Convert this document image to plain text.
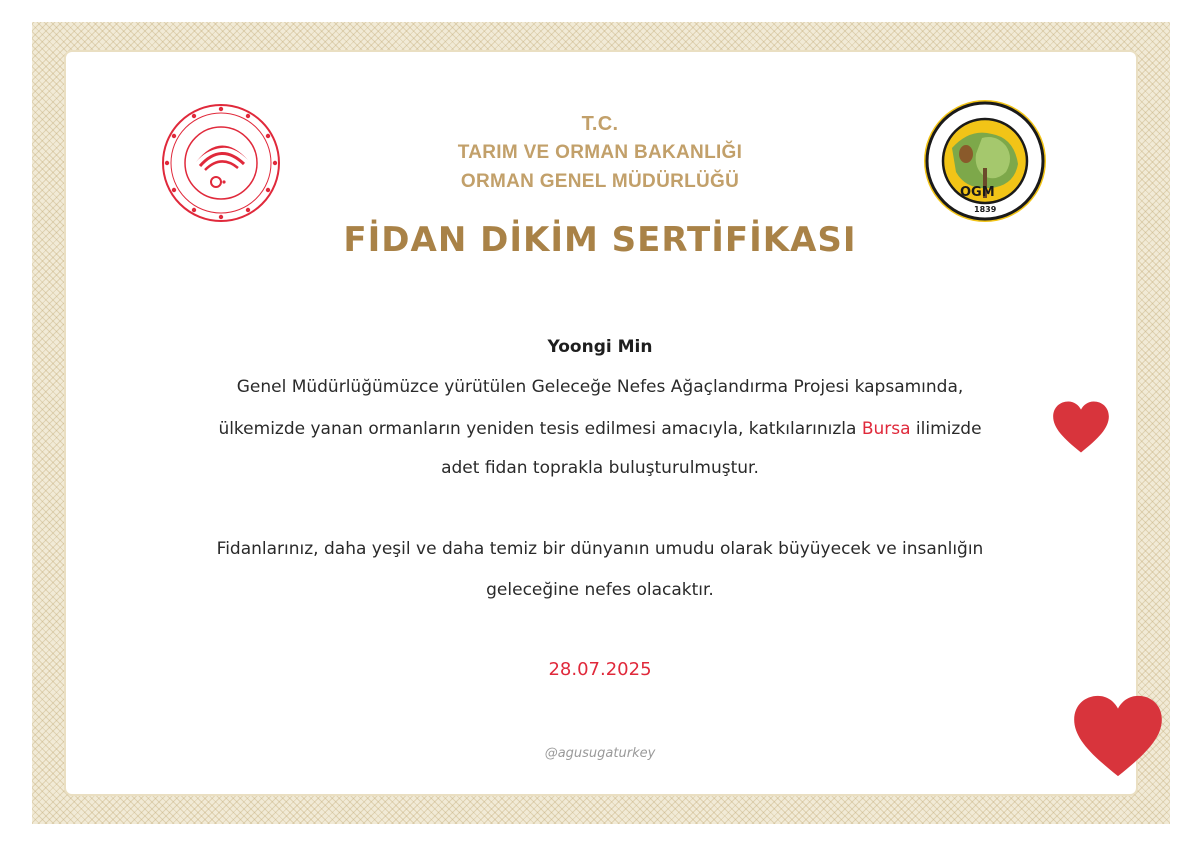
OGM
1839
T.C.
TARIM VE ORMAN BAKANLIĞI
ORMAN GENEL MÜDÜRLÜĞÜ
FİDAN DİKİM SERTİFİKASI
Yoongi Min
Genel Müdürlüğümüzce yürütülen Geleceğe Nefes Ağaçlandırma Projesi kapsamında,
ülkemizde yanan ormanların yeniden tesis edilmesi amacıyla, katkılarınızla Bursa ilimizde
adet fidan toprakla buluşturulmuştur.
Fidanlarınız, daha yeşil ve daha temiz bir dünyanın umudu olarak büyüyecek ve insanlığın
geleceğine nefes olacaktır.
28.07.2025
@agusugaturkey
